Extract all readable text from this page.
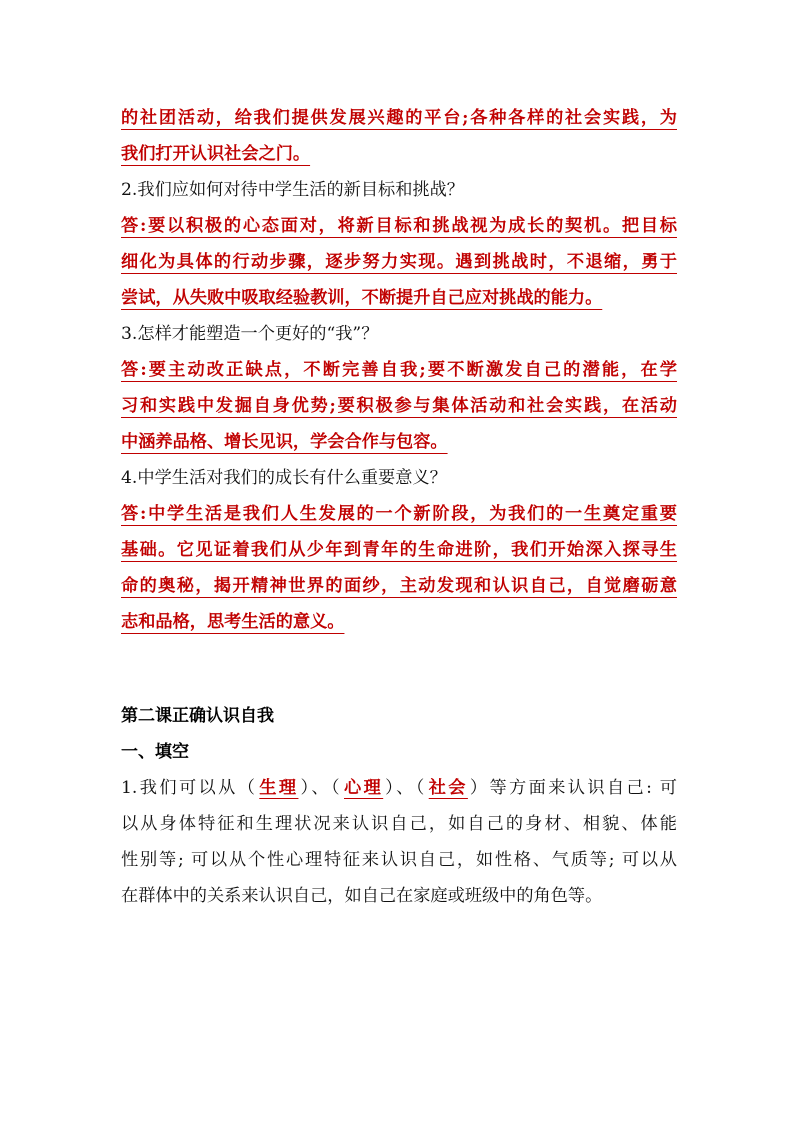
的社团活动，给我们提供发展兴趣的平台;各种各样的社会实践，为
我们打开认识社会之门。
2.我们应如何对待中学生活的新目标和挑战？
答:要以积极的心态面对，将新目标和挑战视为成长的契机。把目标
细化为具体的行动步骤，逐步努力实现。遇到挑战时，不退缩，勇于
尝试，从失败中吸取经验教训，不断提升自己应对挑战的能力。
3.怎样才能塑造一个更好的“我”？
答:要主动改正缺点，不断完善自我;要不断激发自己的潜能，在学
习和实践中发掘自身优势;要积极参与集体活动和社会实践，在活动
中涵养品格、增长见识，学会合作与包容。
4.中学生活对我们的成长有什么重要意义？
答:中学生活是我们人生发展的一个新阶段，为我们的一生奠定重要
基础。它见证着我们从少年到青年的生命进阶，我们开始深入探寻生
命的奥秘，揭开精神世界的面纱，主动发现和认识自己，自觉磨砺意
志和品格，思考生活的意义。
第二课正确认识自我
一、填空
1.我们可以从（ 生理 ）、（ 心理 ）、（ 社会 ）等方面来认识自己: 可
以从身体特征和生理状况来认识自己，如自己的身材、相貌、体能
性别等; 可以从个性心理特征来认识自己，如性格、气质等; 可以从
在群体中的关系来认识自己，如自己在家庭或班级中的角色等。
